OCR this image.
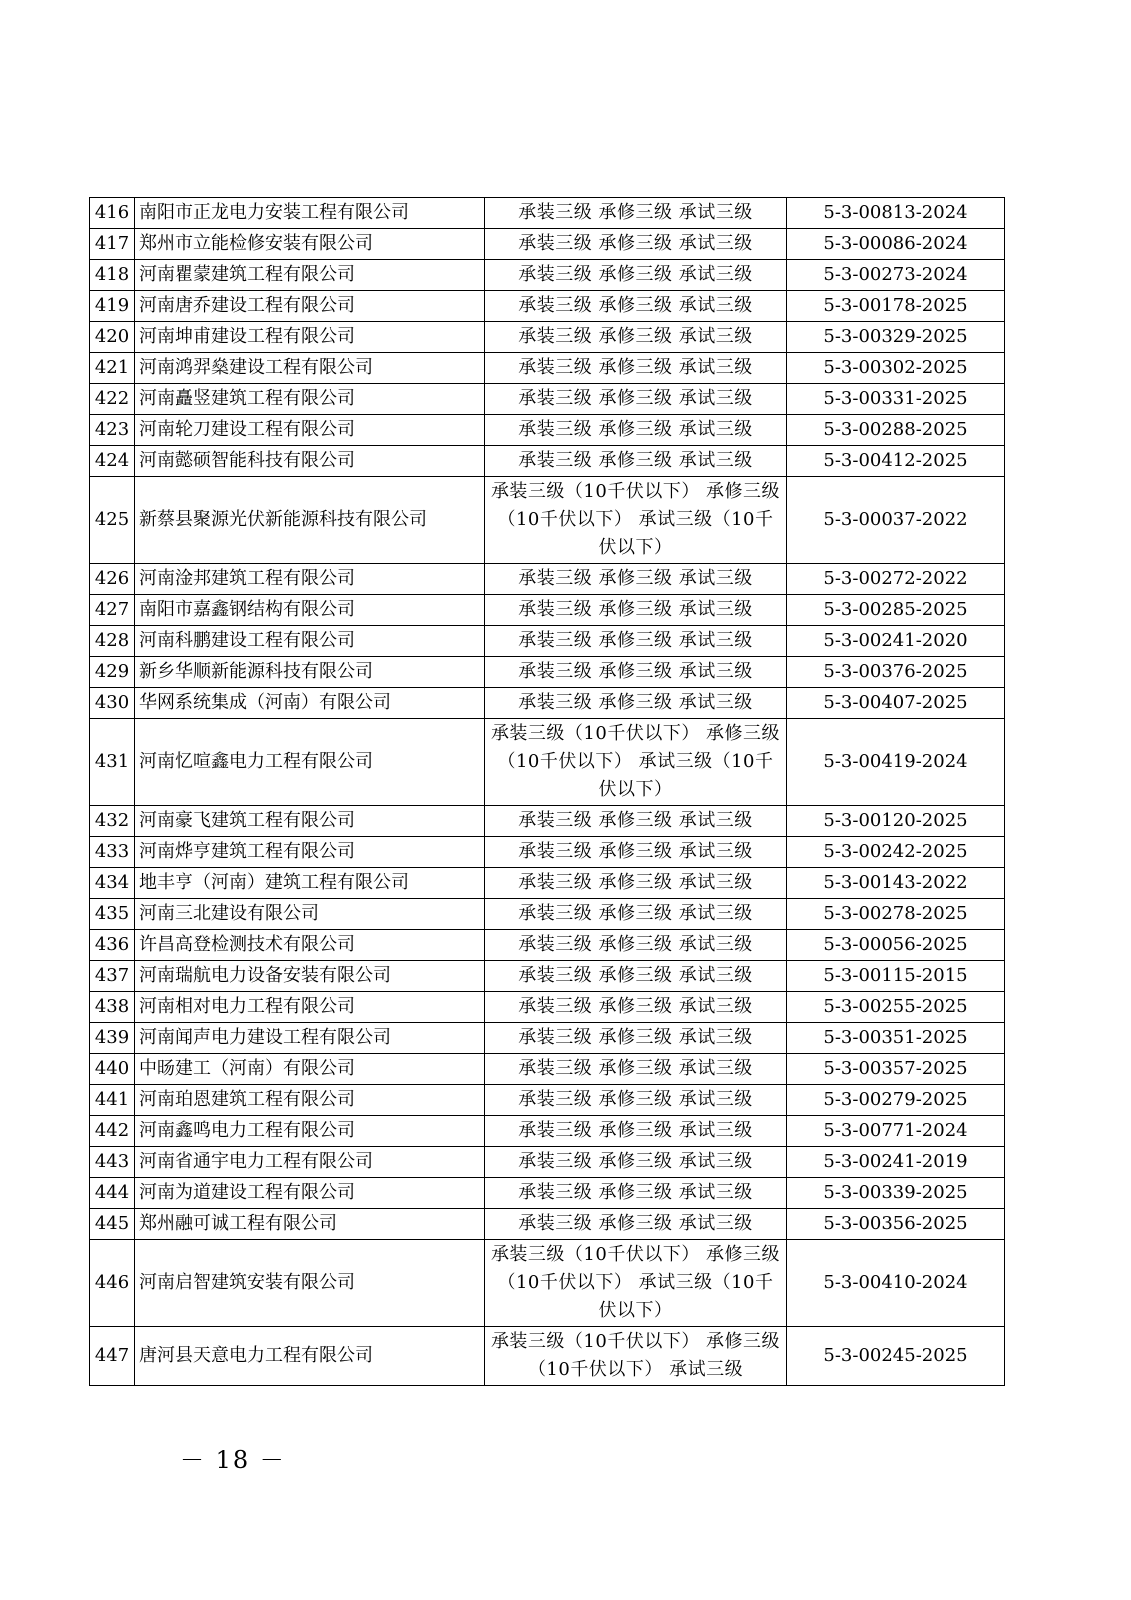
416	南阳市正龙电力安装工程有限公司	承装三级 承修三级 承试三级	5-3-00813-2024
417	郑州市立能检修安装有限公司	承装三级 承修三级 承试三级	5-3-00086-2024
418	河南瞿蒙建筑工程有限公司	承装三级 承修三级 承试三级	5-3-00273-2024
419	河南唐乔建设工程有限公司	承装三级 承修三级 承试三级	5-3-00178-2025
420	河南坤甫建设工程有限公司	承装三级 承修三级 承试三级	5-3-00329-2025
421	河南鸿羿燊建设工程有限公司	承装三级 承修三级 承试三级	5-3-00302-2025
422	河南矗竖建筑工程有限公司	承装三级 承修三级 承试三级	5-3-00331-2025
423	河南轮刀建设工程有限公司	承装三级 承修三级 承试三级	5-3-00288-2025
424	河南懿硕智能科技有限公司	承装三级 承修三级 承试三级	5-3-00412-2025
425	新蔡县聚源光伏新能源科技有限公司	承装三级（10千伏以下） 承修三级（10千伏以下） 承试三级（10千伏以下）	5-3-00037-2022
426	河南淦邦建筑工程有限公司	承装三级 承修三级 承试三级	5-3-00272-2022
427	南阳市嘉鑫钢结构有限公司	承装三级 承修三级 承试三级	5-3-00285-2025
428	河南科鹏建设工程有限公司	承装三级 承修三级 承试三级	5-3-00241-2020
429	新乡华顺新能源科技有限公司	承装三级 承修三级 承试三级	5-3-00376-2025
430	华网系统集成（河南）有限公司	承装三级 承修三级 承试三级	5-3-00407-2025
431	河南忆喧鑫电力工程有限公司	承装三级（10千伏以下） 承修三级（10千伏以下） 承试三级（10千伏以下）	5-3-00419-2024
432	河南豪飞建筑工程有限公司	承装三级 承修三级 承试三级	5-3-00120-2025
433	河南烨亨建筑工程有限公司	承装三级 承修三级 承试三级	5-3-00242-2025
434	地丰亨（河南）建筑工程有限公司	承装三级 承修三级 承试三级	5-3-00143-2022
435	河南三北建设有限公司	承装三级 承修三级 承试三级	5-3-00278-2025
436	许昌高登检测技术有限公司	承装三级 承修三级 承试三级	5-3-00056-2025
437	河南瑞航电力设备安装有限公司	承装三级 承修三级 承试三级	5-3-00115-2015
438	河南相对电力工程有限公司	承装三级 承修三级 承试三级	5-3-00255-2025
439	河南闻声电力建设工程有限公司	承装三级 承修三级 承试三级	5-3-00351-2025
440	中旸建工（河南）有限公司	承装三级 承修三级 承试三级	5-3-00357-2025
441	河南珀恩建筑工程有限公司	承装三级 承修三级 承试三级	5-3-00279-2025
442	河南鑫鸣电力工程有限公司	承装三级 承修三级 承试三级	5-3-00771-2024
443	河南省通宇电力工程有限公司	承装三级 承修三级 承试三级	5-3-00241-2019
444	河南为道建设工程有限公司	承装三级 承修三级 承试三级	5-3-00339-2025
445	郑州融可诚工程有限公司	承装三级 承修三级 承试三级	5-3-00356-2025
446	河南启智建筑安装有限公司	承装三级（10千伏以下） 承修三级（10千伏以下） 承试三级（10千伏以下）	5-3-00410-2024
447	唐河县天意电力工程有限公司	承装三级（10千伏以下） 承修三级（10千伏以下） 承试三级	5-3-00245-2025
－ 18 －
